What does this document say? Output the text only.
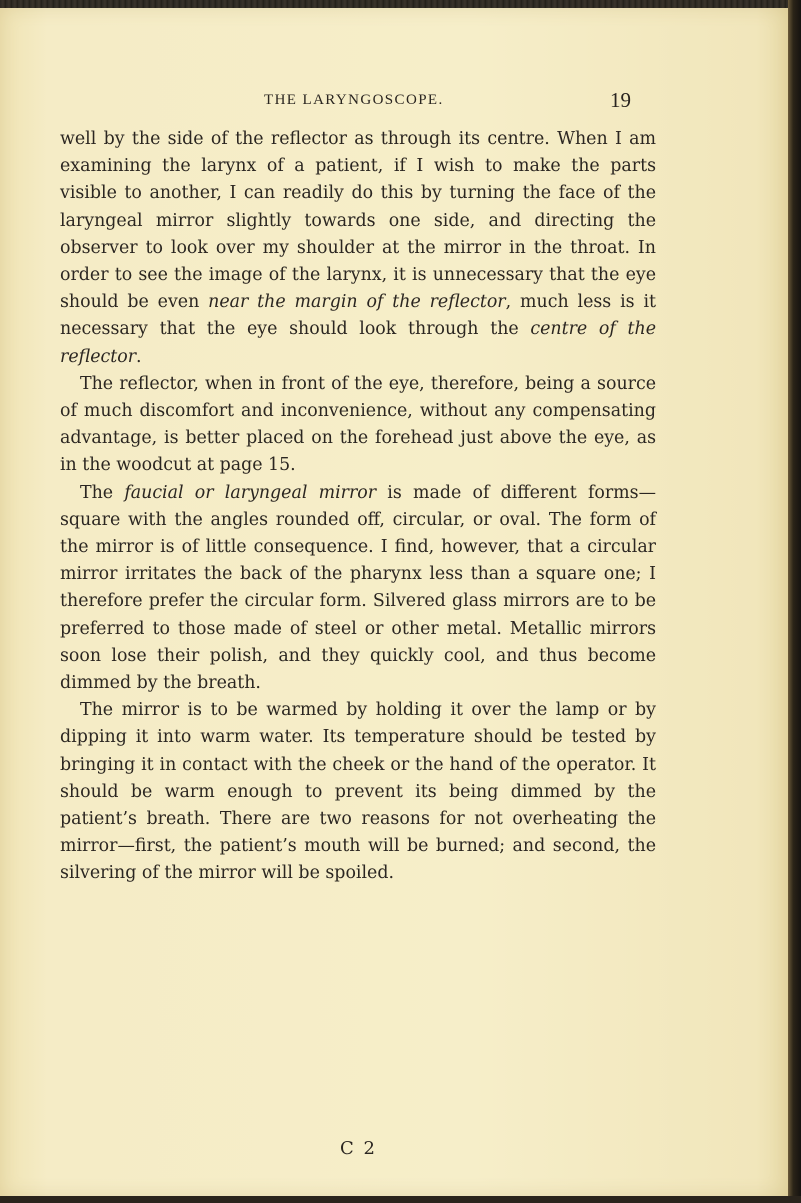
THE LARYNGOSCOPE.	19

well by the side of the reflector as through its centre. When I am examining the larynx of a patient, if I wish to make the parts visible to another, I can readily do this by turning the face of the laryngeal mirror slightly towards one side, and directing the observer to look over my shoulder at the mirror in the throat. In order to see the image of the larynx, it is unnecessary that the eye should be even near the margin of the reflector, much less is it necessary that the eye should look through the centre of the reflector.

The reflector, when in front of the eye, therefore, being a source of much discomfort and inconvenience, without any compensating advantage, is better placed on the forehead just above the eye, as in the woodcut at page 15.

The faucial or laryngeal mirror is made of different forms—square with the angles rounded off, circular, or oval. The form of the mirror is of little consequence. I find, however, that a circular mirror irritates the back of the pharynx less than a square one; I therefore prefer the circular form. Silvered glass mirrors are to be preferred to those made of steel or other metal. Metallic mirrors soon lose their polish, and they quickly cool, and thus become dimmed by the breath.

The mirror is to be warmed by holding it over the lamp or by dipping it into warm water. Its temperature should be tested by bringing it in contact with the cheek or the hand of the operator. It should be warm enough to prevent its being dimmed by the patient’s breath. There are two reasons for not overheating the mirror—first, the patient’s mouth will be burned; and second, the silvering of the mirror will be spoiled.

C 2
